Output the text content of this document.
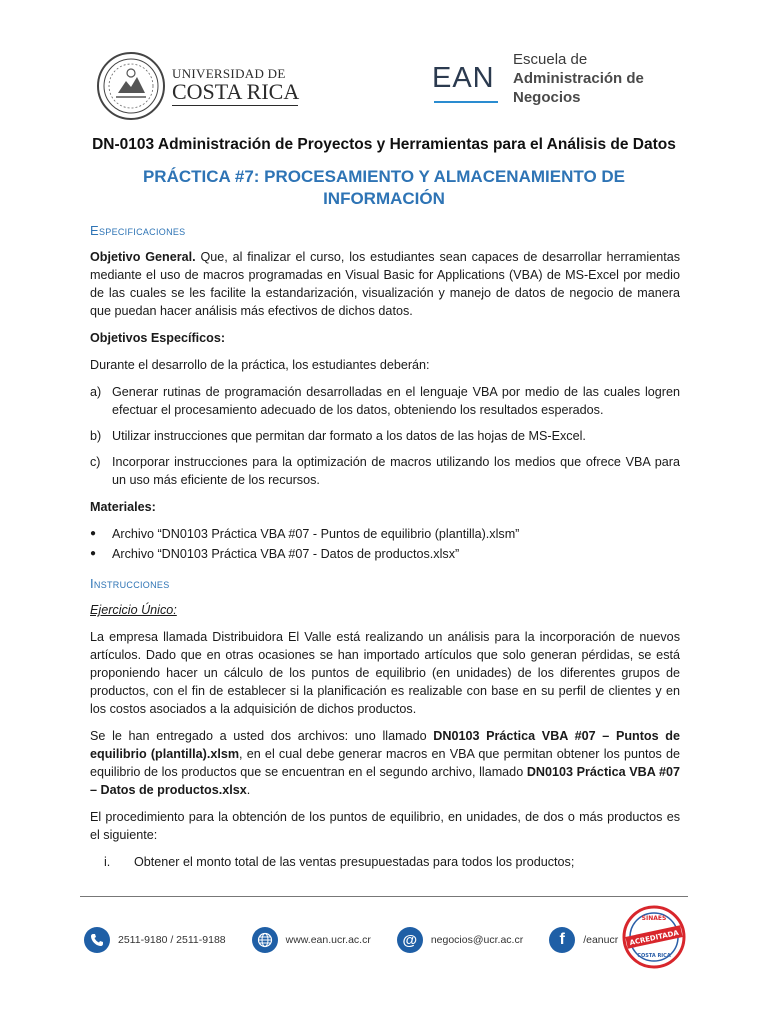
UNIVERSIDAD DE
COSTA RICA	EAN
Escuela de
Administración de
Negocios
DN-0103 Administración de Proyectos y Herramientas para el Análisis de Datos
PRÁCTICA #7: PROCESAMIENTO Y ALMACENAMIENTO DE INFORMACIÓN
Especificaciones

Objetivo General. Que, al finalizar el curso, los estudiantes sean capaces de desarrollar herramientas mediante el uso de macros programadas en Visual Basic for Applications (VBA) de MS-Excel por medio de las cuales se les facilite la estandarización, visualización y manejo de datos de negocio de manera que puedan hacer análisis más efectivos de dichos datos.

Objetivos Específicos:

Durante el desarrollo de la práctica, los estudiantes deberán:

a) Generar rutinas de programación desarrolladas en el lenguaje VBA por medio de las cuales logren efectuar el procesamiento adecuado de los datos, obteniendo los resultados esperados.
b) Utilizar instrucciones que permitan dar formato a los datos de las hojas de MS-Excel.
c) Incorporar instrucciones para la optimización de macros utilizando los medios que ofrece VBA para un uso más eficiente de los recursos.

Materiales:

●	Archivo “DN0103 Práctica VBA #07 - Puntos de equilibrio (plantilla).xlsm”
●	Archivo “DN0103 Práctica VBA #07 - Datos de productos.xlsx”
Instrucciones

Ejercicio Único:

La empresa llamada Distribuidora El Valle está realizando un análisis para la incorporación de nuevos artículos. Dado que en otras ocasiones se han importado artículos que solo generan pérdidas, se está proponiendo hacer un cálculo de los puntos de equilibrio (en unidades) de los diferentes grupos de productos, con el fin de establecer si la planificación es realizable con base en su perfil de clientes y en los costos asociados a la adquisición de dichos productos.

Se le han entregado a usted dos archivos: uno llamado DN0103 Práctica VBA #07 – Puntos de equilibrio (plantilla).xlsm, en el cual debe generar macros en VBA que permitan obtener los puntos de equilibrio de los productos que se encuentran en el segundo archivo, llamado DN0103 Práctica VBA #07 – Datos de productos.xlsx.

El procedimiento para la obtención de los puntos de equilibrio, en unidades, de dos o más productos es el siguiente:

i.	Obtener el monto total de las ventas presupuestadas para todos los productos;
2511-9180 / 2511-9188	www.ean.ucr.ac.cr @ negocios@ucr.ac.cr f /eanucr
SINAES
ACREDITADA
COSTA RICA
